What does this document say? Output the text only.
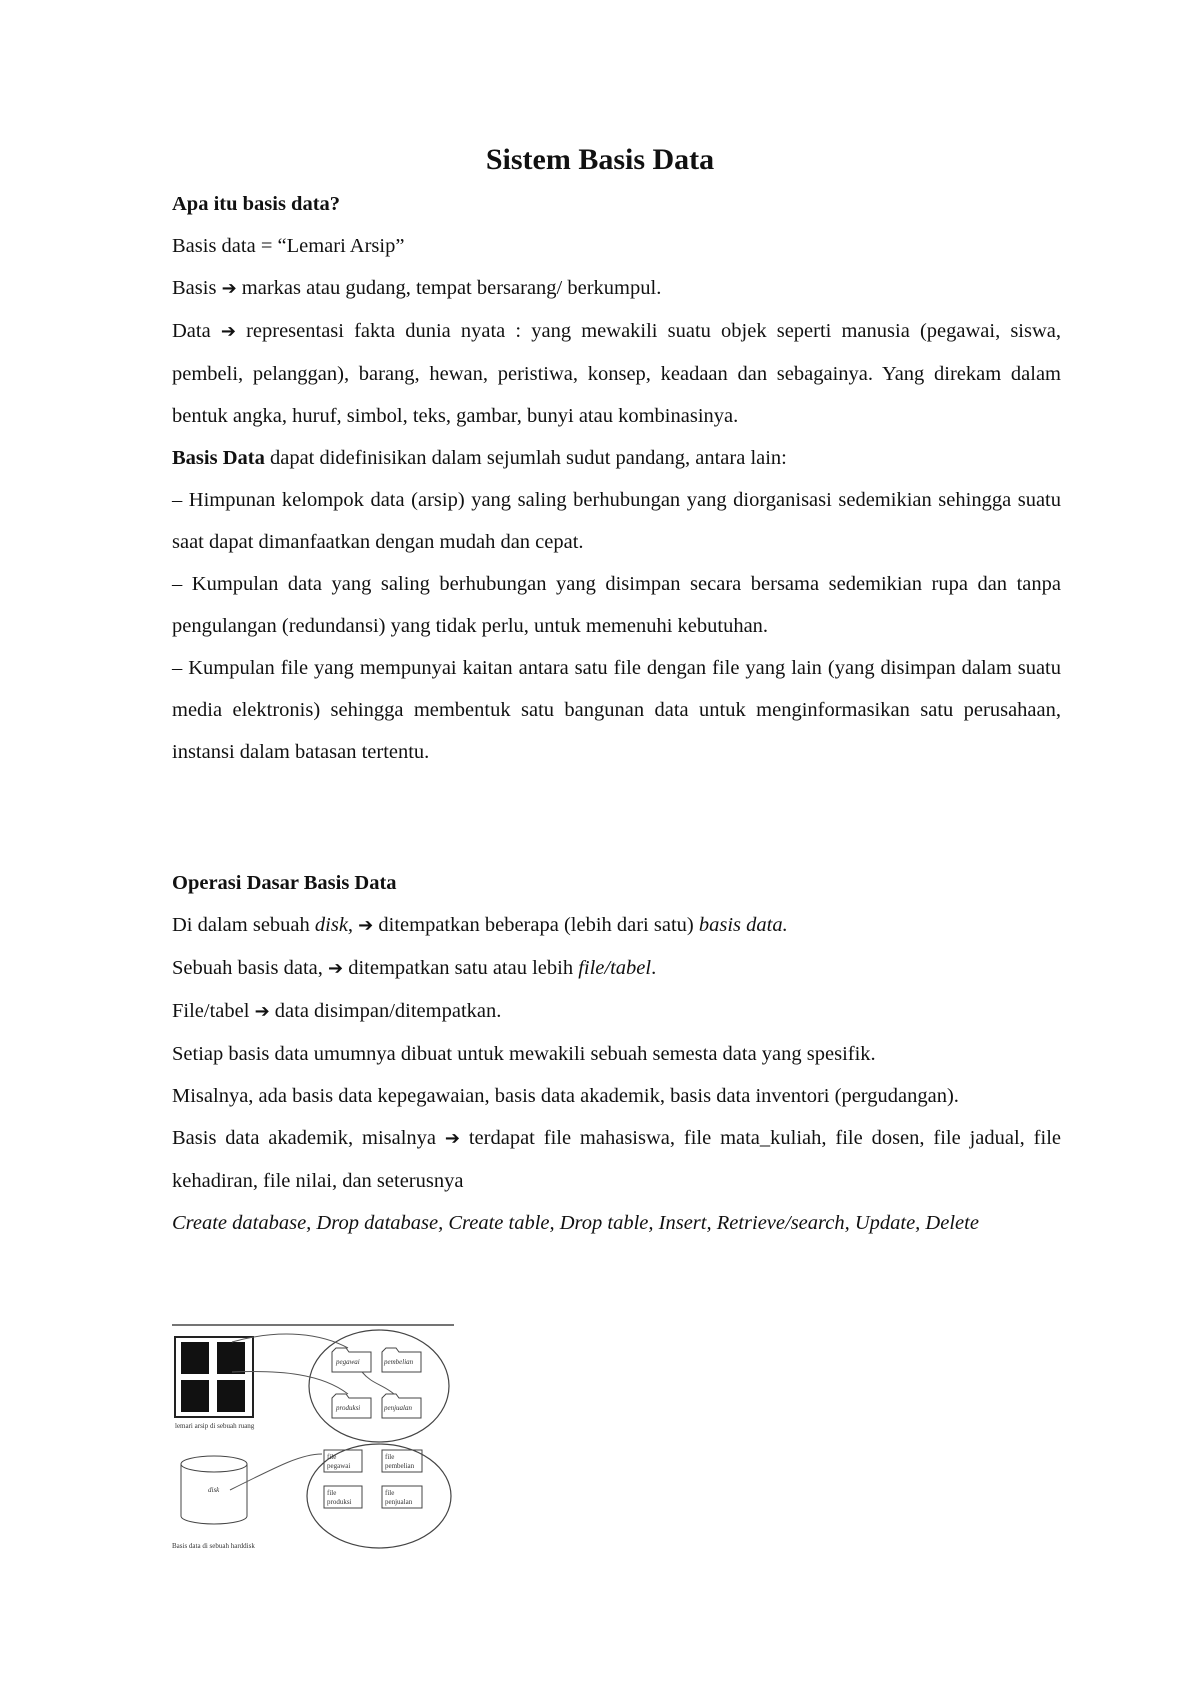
Sistem Basis Data

Apa itu basis data?

Basis data = “Lemari Arsip”

Basis ➔ markas atau gudang, tempat bersarang/ berkumpul.

Data ➔ representasi fakta dunia nyata : yang mewakili suatu objek seperti manusia (pegawai, siswa, pembeli, pelanggan), barang, hewan, peristiwa, konsep, keadaan dan sebagainya. Yang direkam dalam bentuk angka, huruf, simbol, teks, gambar, bunyi atau kombinasinya.

Basis Data dapat didefinisikan dalam sejumlah sudut pandang, antara lain:

– Himpunan kelompok data (arsip) yang saling berhubungan yang diorganisasi sedemikian sehingga suatu saat dapat dimanfaatkan dengan mudah dan cepat.

– Kumpulan data yang saling berhubungan yang disimpan secara bersama sedemikian rupa dan tanpa pengulangan (redundansi) yang tidak perlu, untuk memenuhi kebutuhan.

– Kumpulan file yang mempunyai kaitan antara satu file dengan file yang lain (yang disimpan dalam suatu media elektronis) sehingga membentuk satu bangunan data untuk menginformasikan satu perusahaan, instansi dalam batasan tertentu.

Operasi Dasar Basis Data

Di dalam sebuah disk, ➔ ditempatkan beberapa (lebih dari satu) basis data.

Sebuah basis data, ➔ ditempatkan satu atau lebih file/tabel.

File/tabel ➔ data disimpan/ditempatkan.

Setiap basis data umumnya dibuat untuk mewakili sebuah semesta data yang spesifik.

Misalnya, ada basis data kepegawaian, basis data akademik, basis data inventori (pergudangan).

Basis data akademik, misalnya ➔ terdapat file mahasiswa, file mata_kuliah, file dosen, file jadual, file kehadiran, file nilai, dan seterusnya

Create database, Drop database, Create table, Drop table, Insert, Retrieve/search, Update, Delete

pegawai	pembelian
produksi	penjualan
lemari arsip di sebuah ruang
disk
file
pegawai
file
pembelian
file
produksi
file
penjualan
Basis data di sebuah harddisk
